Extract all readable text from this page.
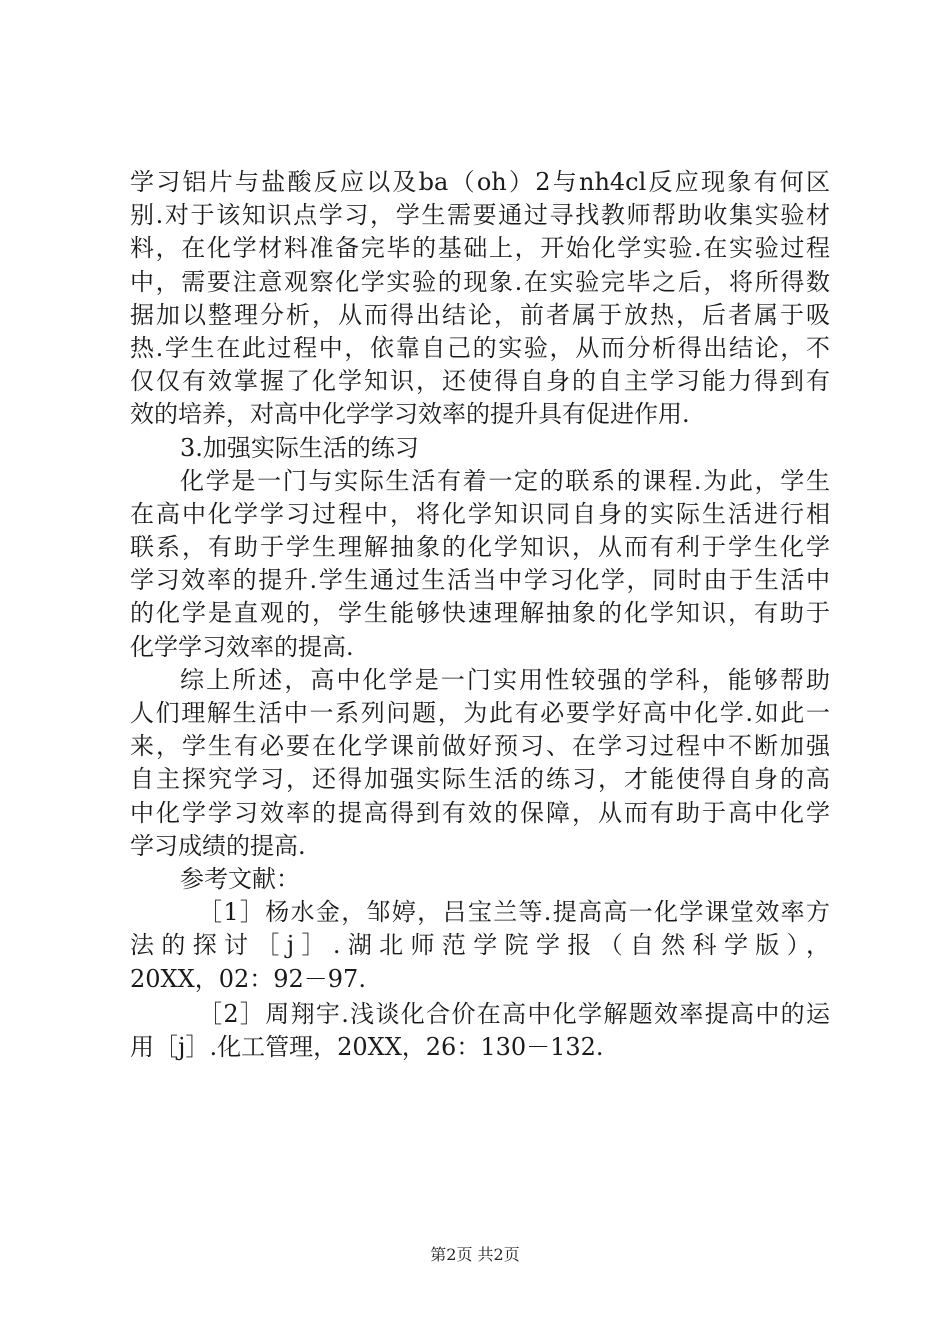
学习铝片与盐酸反应以及ba（oh）2与nh4cl反应现象有何区
别.对于该知识点学习，学生需要通过寻找教师帮助收集实验材
料，在化学材料准备完毕的基础上，开始化学实验.在实验过程
中，需要注意观察化学实验的现象.在实验完毕之后，将所得数
据加以整理分析，从而得出结论，前者属于放热，后者属于吸
热.学生在此过程中，依靠自己的实验，从而分析得出结论，不
仅仅有效掌握了化学知识，还使得自身的自主学习能力得到有
效的培养，对高中化学学习效率的提升具有促进作用.
3.加强实际生活的练习
化学是一门与实际生活有着一定的联系的课程.为此，学生
在高中化学学习过程中，将化学知识同自身的实际生活进行相
联系，有助于学生理解抽象的化学知识，从而有利于学生化学
学习效率的提升.学生通过生活当中学习化学，同时由于生活中
的化学是直观的，学生能够快速理解抽象的化学知识，有助于
化学学习效率的提高.
综上所述，高中化学是一门实用性较强的学科，能够帮助
人们理解生活中一系列问题，为此有必要学好高中化学.如此一
来，学生有必要在化学课前做好预习、在学习过程中不断加强
自主探究学习，还得加强实际生活的练习，才能使得自身的高
中化学学习效率的提高得到有效的保障，从而有助于高中化学
学习成绩的提高.
参考文献：
［1］杨水金，邹婷，吕宝兰等.提高高一化学课堂效率方
法的探讨［j］.湖北师范学院学报（自然科学版），
20XX，02：92－97.
［2］周翔宇.浅谈化合价在高中化学解题效率提高中的运
用［j］.化工管理，20XX，26：130－132.
第2页 共2页
